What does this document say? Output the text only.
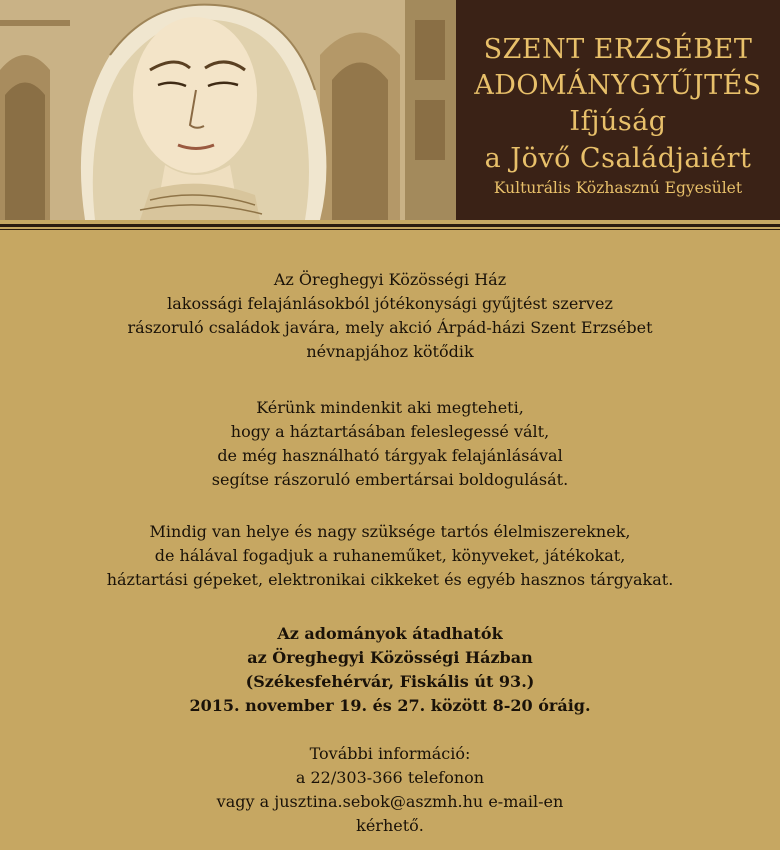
SZENT ERZSÉBET
ADOMÁNYGYŰJTÉS
Ifjúság
a Jövő Családjaiért
Kulturális Közhasznú Egyesület
Az Öreghegyi Közösségi Ház
lakossági felajánlásokból jótékonysági gyűjtést szervez
rászoruló családok javára, mely akció Árpád-házi Szent Erzsébet
névnapjához kötődik
Kérünk mindenkit aki megteheti,
hogy a háztartásában feleslegessé vált,
de még használható tárgyak felajánlásával
segítse rászoruló embertársai boldogulását.
Mindig van helye és nagy szüksége tartós élelmiszereknek,
de hálával fogadjuk a ruhaneműket, könyveket, játékokat,
háztartási gépeket, elektronikai cikkeket és egyéb hasznos tárgyakat.
Az adományok átadhatók
az Öreghegyi Közösségi Házban
(Székesfehérvár, Fiskális út 93.)
2015. november 19. és 27. között 8-20 óráig.
További információ:
a 22/303-366 telefonon
vagy a jusztina.sebok@aszmh.hu e-mail-en
kérhető.
